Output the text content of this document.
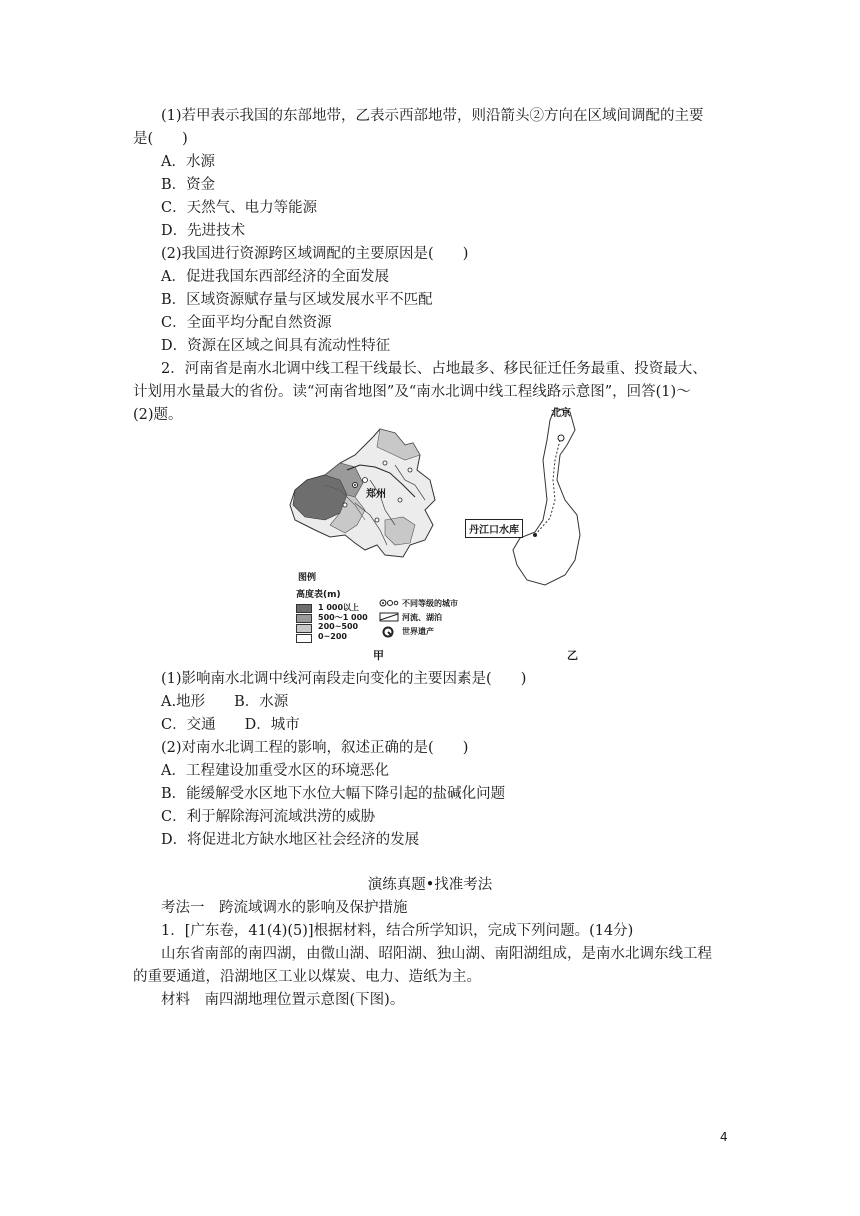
(1)若甲表示我国的东部地带，乙表示西部地带，则沿箭头②方向在区域间调配的主要
是(　　)
A．水源
B．资金
C．天然气、电力等能源
D．先进技术
(2)我国进行资源跨区域调配的主要原因是(　　)
A．促进我国东西部经济的全面发展
B．区域资源赋存量与区域发展水平不匹配
C．全面平均分配自然资源
D．资源在区域之间具有流动性特征
2．河南省是南水北调中线工程干线最长、占地最多、移民征迁任务最重、投资最大、
计划用水量最大的省份。读“河南省地图”及“南水北调中线工程线路示意图”，回答(1)～
(2)题。
郑州
北京
丹江口水库
图例
高度表(m)
1 000以上
500～1 000
200~500
0~200
不同等级的城市
河流、湖泊
世界遗产
甲	乙
(1)影响南水北调中线河南段走向变化的主要因素是(　　)
A.地形　　B．水源
C．交通　　D．城市
(2)对南水北调工程的影响，叙述正确的是(　　)
A．工程建设加重受水区的环境恶化
B．能缓解受水区地下水位大幅下降引起的盐碱化问题
C．利于解除海河流域洪涝的威胁
D．将促进北方缺水地区社会经济的发展
演练真题•找准考法
考法一　跨流域调水的影响及保护措施
1．[广东卷，41(4)(5)]根据材料，结合所学知识，完成下列问题。(14分)
山东省南部的南四湖，由微山湖、昭阳湖、独山湖、南阳湖组成，是南水北调东线工程
的重要通道，沿湖地区工业以煤炭、电力、造纸为主。
材料　南四湖地理位置示意图(下图)。
4
